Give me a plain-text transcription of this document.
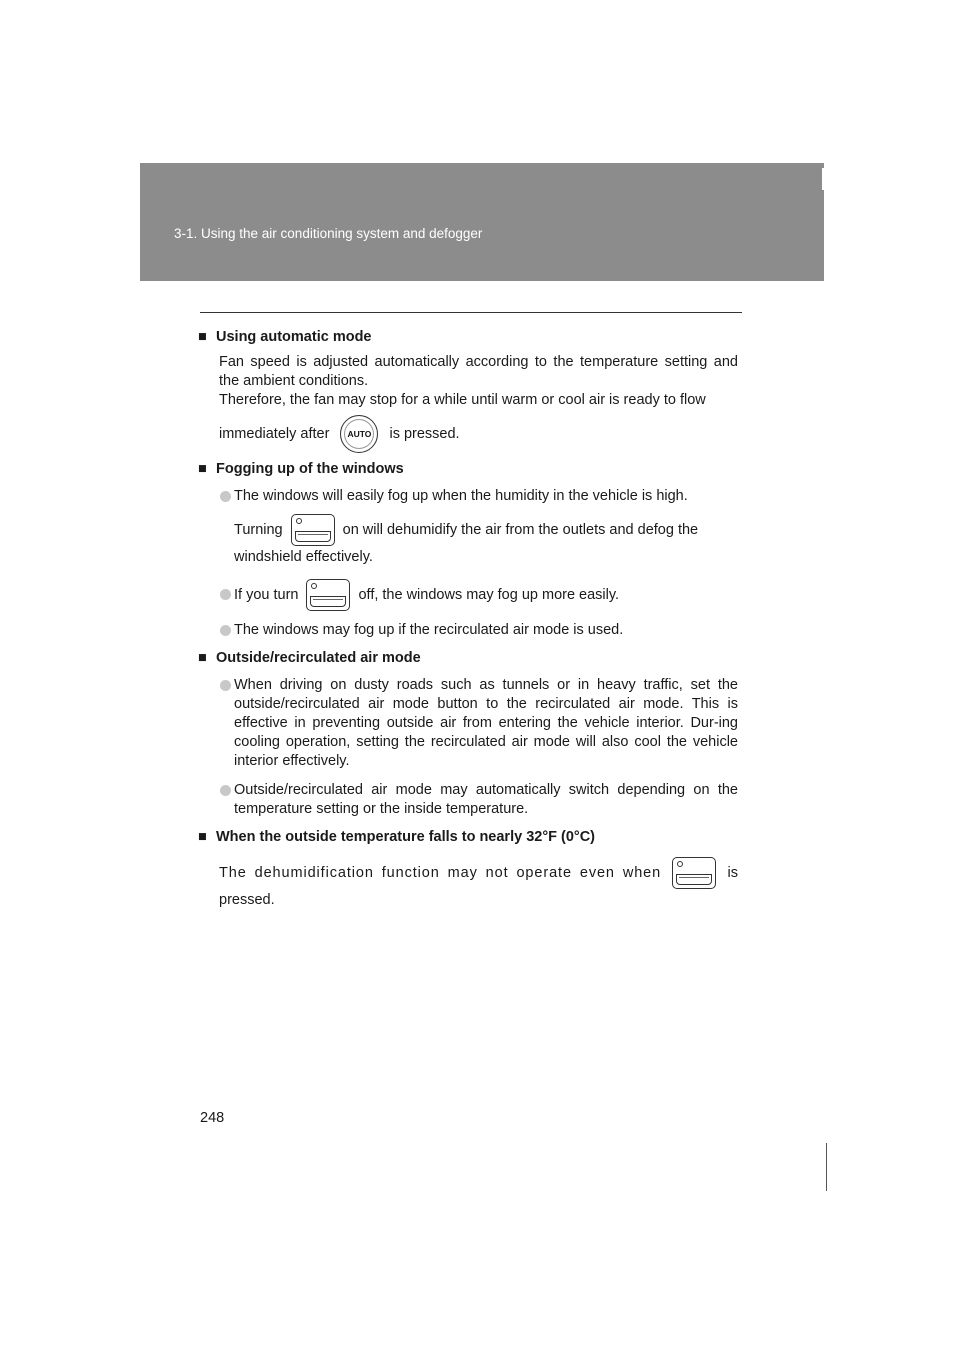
3-1. Using the air conditioning system and defogger
■ Using automatic mode
Fan speed is adjusted automatically according to the temperature setting and the ambient conditions.
Therefore, the fan may stop for a while until warm or cool air is ready to flow
immediately after AUTO is pressed.
■ Fogging up of the windows
The windows will easily fog up when the humidity in the vehicle is high.
Turning	on will dehumidify the air from the outlets and defog the
windshield effectively.
If you turn	off, the windows may fog up more easily.
The windows may fog up if the recirculated air mode is used.
■ Outside/recirculated air mode
When driving on dusty roads such as tunnels or in heavy traffic, set the outside/recirculated air mode button to the recirculated air mode. This is effective in preventing outside air from entering the vehicle interior. Dur-ing cooling operation, setting the recirculated air mode will also cool the vehicle interior effectively.
Outside/recirculated air mode may automatically switch depending on the temperature setting or the inside temperature.
■ When the outside temperature falls to nearly 32°F (0°C)
The dehumidification function may not operate even when	is
pressed.
248
